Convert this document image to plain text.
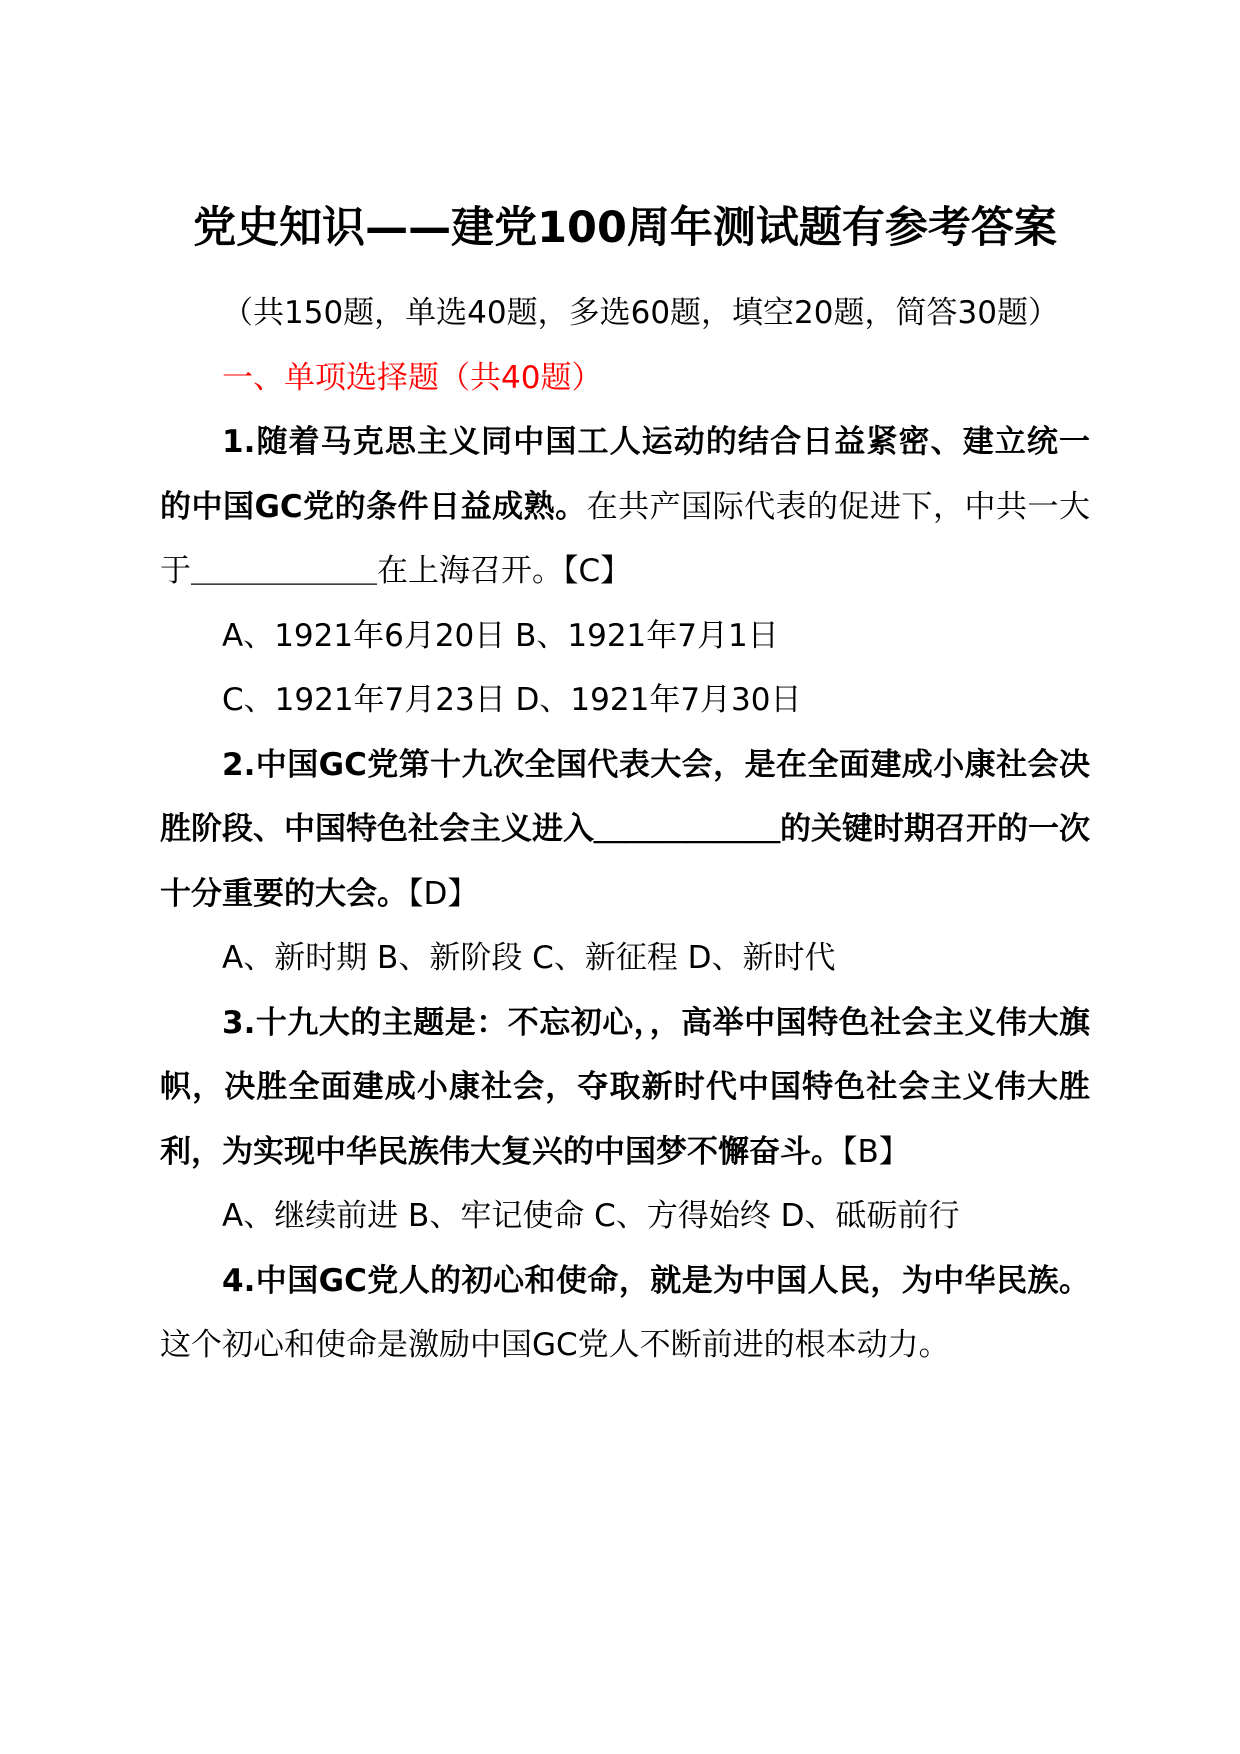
党史知识——建党100周年测试题有参考答案

（共150题，单选40题，多选60题，填空20题，简答30题）

一、单项选择题（共40题）

1.随着马克思主义同中国工人运动的结合日益紧密、建立统一的中国GC党的条件日益成熟。在共产国际代表的促进下，中共一大于＿＿＿＿＿＿在上海召开。【C】

A、1921年6月20日 B、1921年7月1日

C、1921年7月23日 D、1921年7月30日

2.中国GC党第十九次全国代表大会，是在全面建成小康社会决胜阶段、中国特色社会主义进入＿＿＿＿＿＿的关键时期召开的一次十分重要的大会。【D】

A、新时期 B、新阶段 C、新征程 D、新时代

3.十九大的主题是：不忘初心，，高举中国特色社会主义伟大旗帜，决胜全面建成小康社会，夺取新时代中国特色社会主义伟大胜利，为实现中华民族伟大复兴的中国梦不懈奋斗。【B】

A、继续前进 B、牢记使命 C、方得始终 D、砥砺前行

4.中国GC党人的初心和使命，就是为中国人民，为中华民族。这个初心和使命是激励中国GC党人不断前进的根本动力。
